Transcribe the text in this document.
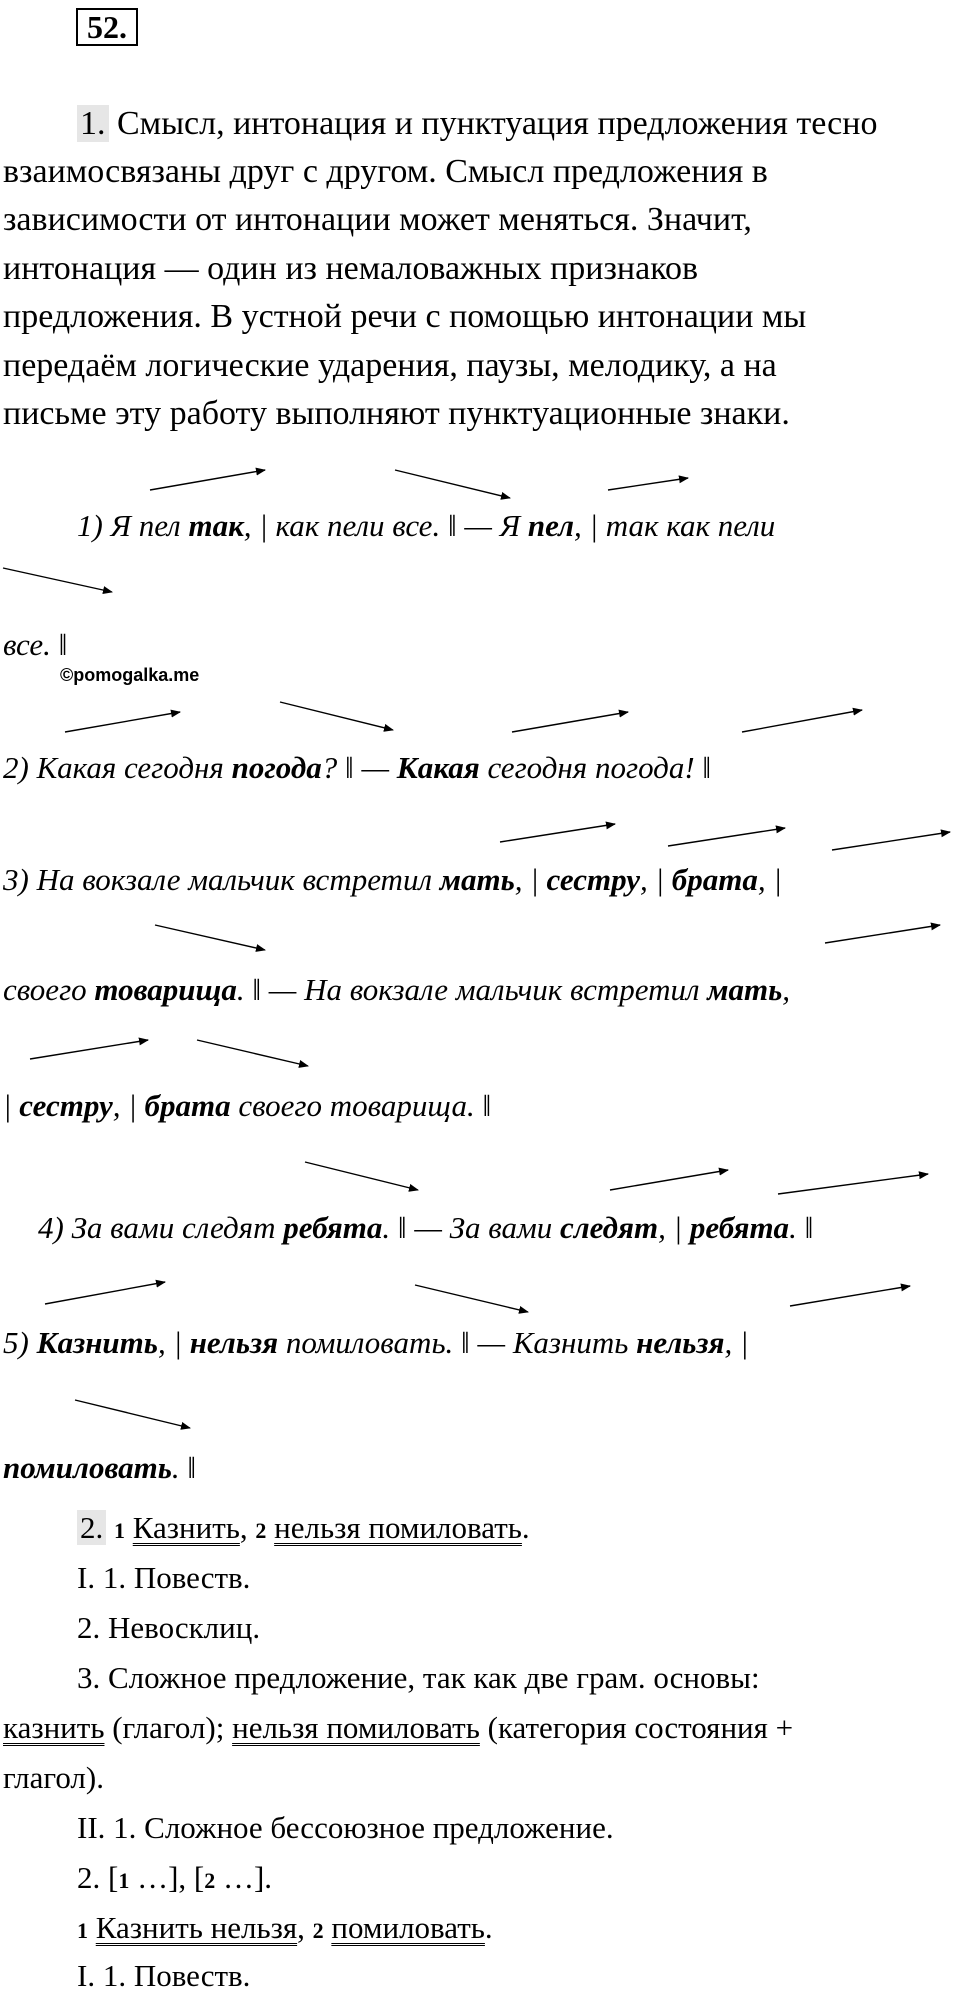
52.
1. Смысл, интонация и пунктуация предложения тесно
взаимосвязаны друг с другом. Смысл предложения в
зависимости от интонации может меняться. Значит,
интонация — один из немаловажных признаков
предложения. В устной речи с помощью интонации мы
передаём логические ударения, паузы, мелодику, а на
письме эту работу выполняют пунктуационные знаки.
1) Я пел так, | как пели все. ‖ — Я пел, | так как пели
все. ‖
©pomogalka.me
2) Какая сегодня погода? ‖ — Какая сегодня погода! ‖
3) На вокзале мальчик встретил мать, | сестру, | брата, |
своего товарища. ‖ — На вокзале мальчик встретил мать,
| сестру, | брата своего товарища. ‖
4) За вами следят ребята. ‖ — За вами следят, | ребята. ‖
5) Казнить, | нельзя помиловать. ‖ — Казнить нельзя, |
помиловать. ‖
2. 1 Казнить, 2 нельзя помиловать.
I. 1. Повеств.
2. Невосклиц.
3. Сложное предложение, так как две грам. основы:
казнить (глагол); нельзя помиловать (категория состояния +
глагол).
II. 1. Сложное бессоюзное предложение.
2. [1 …], [2 …].
1 Казнить нельзя, 2 помиловать.
I. 1. Повеств.
